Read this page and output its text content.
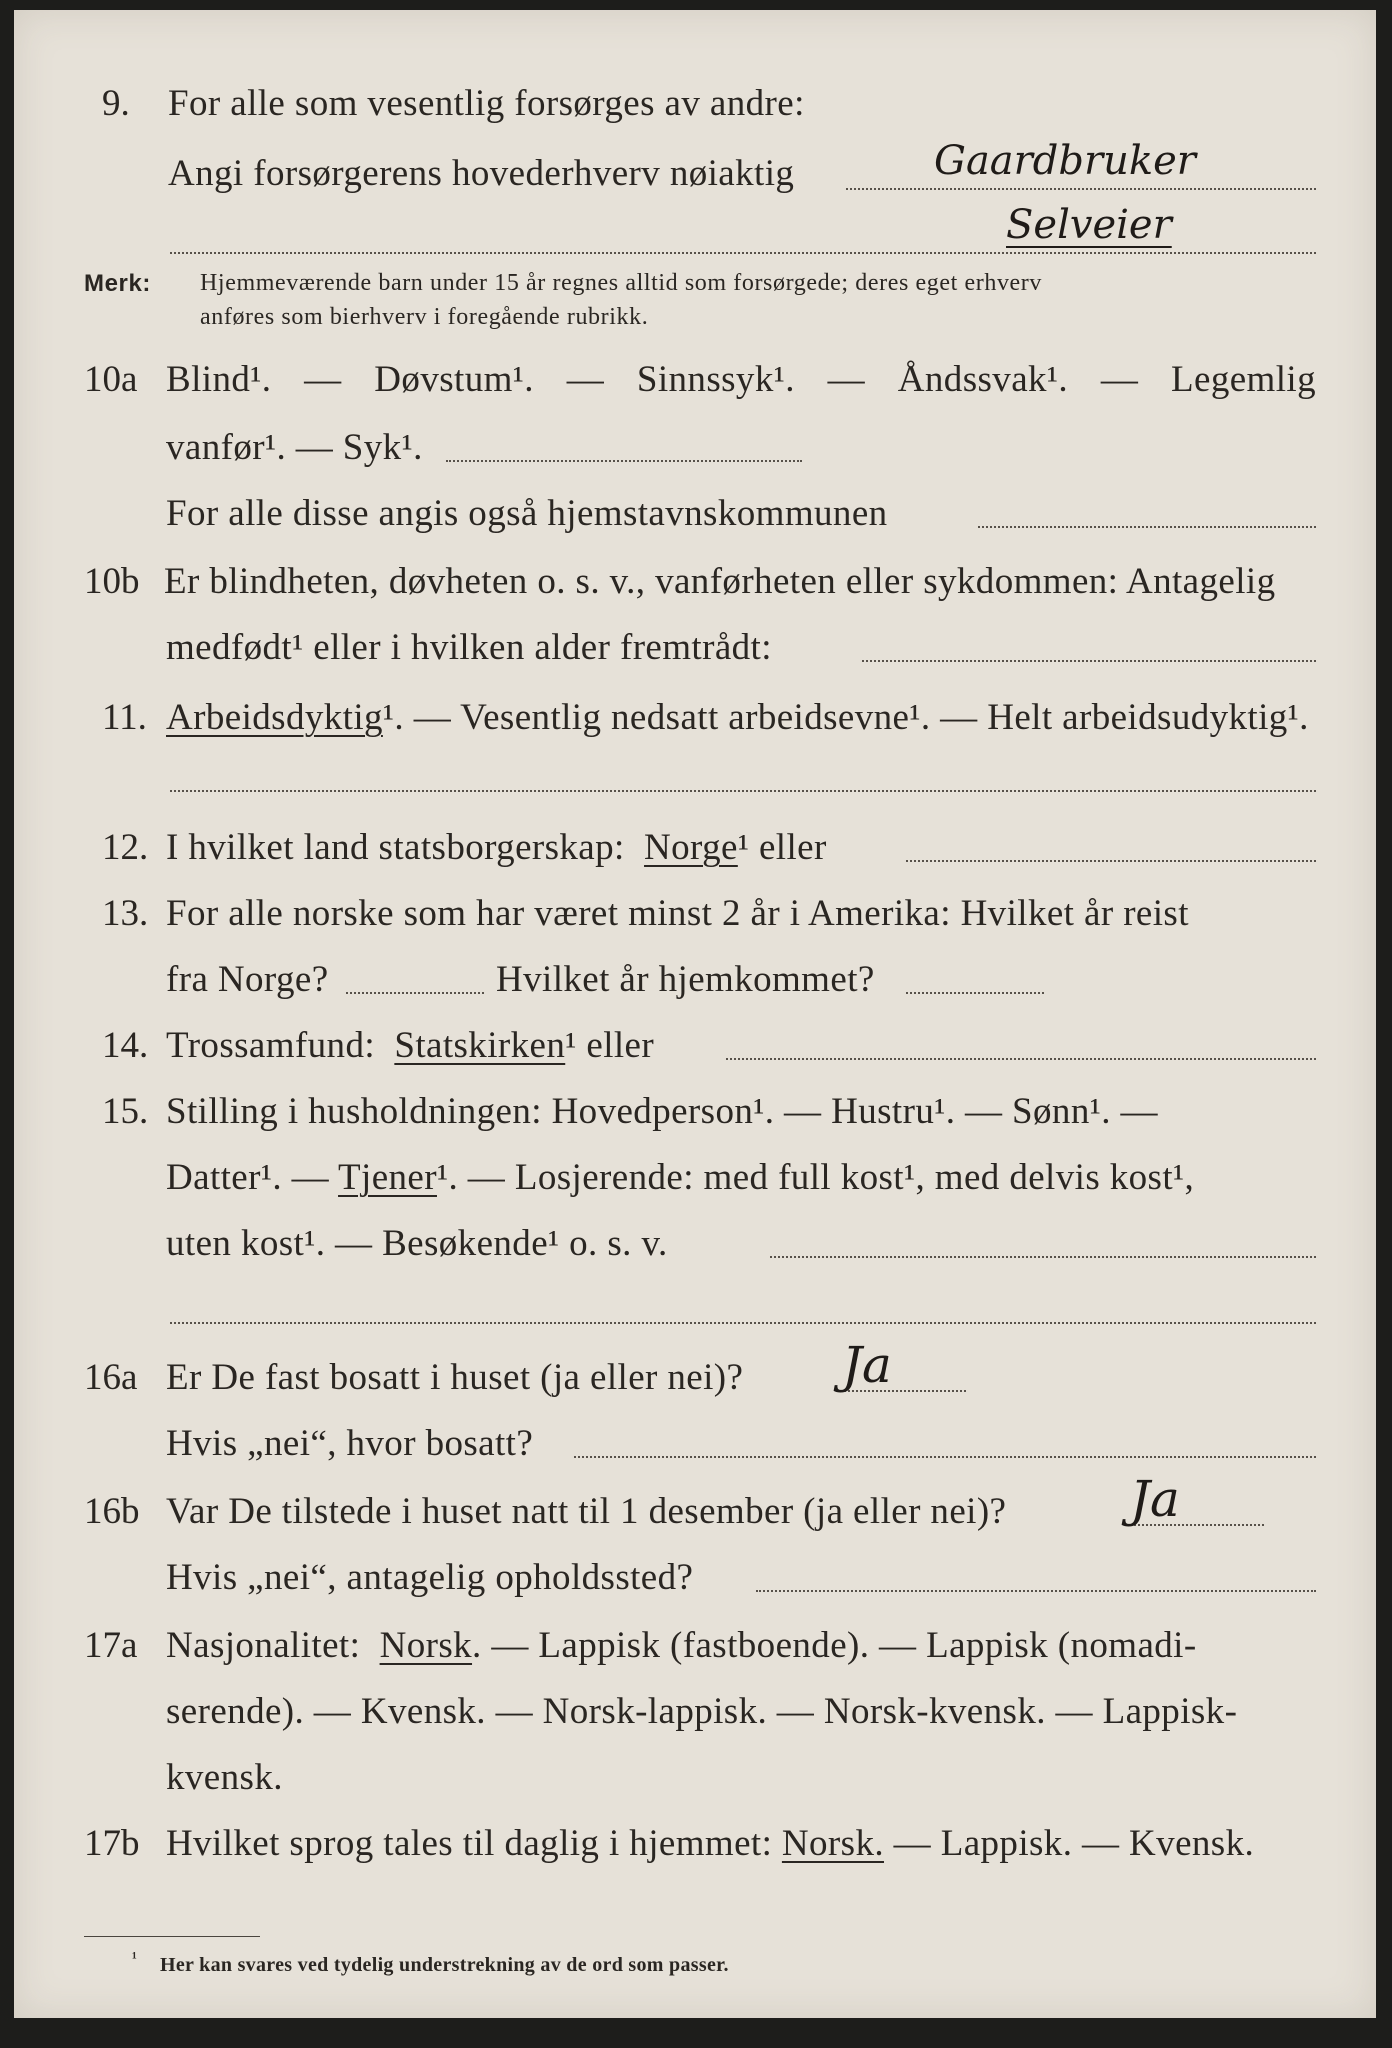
9. For alle som vesentlig forsørges av andre:
Angi forsørgerens hovederhverv nøiaktig	Gaardbruker
Selveier
Merk: Hjemmeværende barn under 15 år regnes alltid som forsørgede; deres eget erhverv
anføres som bierhverv i foregående rubrikk.
10a Blind¹. — Døvstum¹. — Sinnssyk¹. — Åndssvak¹. — Legemlig
vanfør¹. — Syk¹.
For alle disse angis også hjemstavnskommunen
10b Er blindheten, døvheten o. s. v., vanførheten eller sykdommen: Antagelig
medfødt¹ eller i hvilken alder fremtrådt:
11. Arbeidsdyktig¹. — Vesentlig nedsatt arbeidsevne¹. — Helt arbeidsudyktig¹.
12. I hvilket land statsborgerskap: Norge¹ eller
13. For alle norske som har været minst 2 år i Amerika: Hvilket år reist
fra Norge?	Hvilket år hjemkommet?
14. Trossamfund: Statskirken¹ eller
15. Stilling i husholdningen: Hovedperson¹. — Hustru¹. — Sønn¹. —
Datter¹. — Tjener¹. — Losjerende: med full kost¹, med delvis kost¹,
uten kost¹. — Besøkende¹ o. s. v.
16a Er De fast bosatt i huset (ja eller nei)? Ja
Hvis „nei“, hvor bosatt?
16b Var De tilstede i huset natt til 1 desember (ja eller nei)? Ja
Hvis „nei“, antagelig opholdssted?
17a Nasjonalitet: Norsk. — Lappisk (fastboende). — Lappisk (nomadi-
serende). — Kvensk. — Norsk-lappisk. — Norsk-kvensk. — Lappisk-
kvensk.
17b Hvilket sprog tales til daglig i hjemmet: Norsk. — Lappisk. — Kvensk.
¹ Her kan svares ved tydelig understrekning av de ord som passer.
